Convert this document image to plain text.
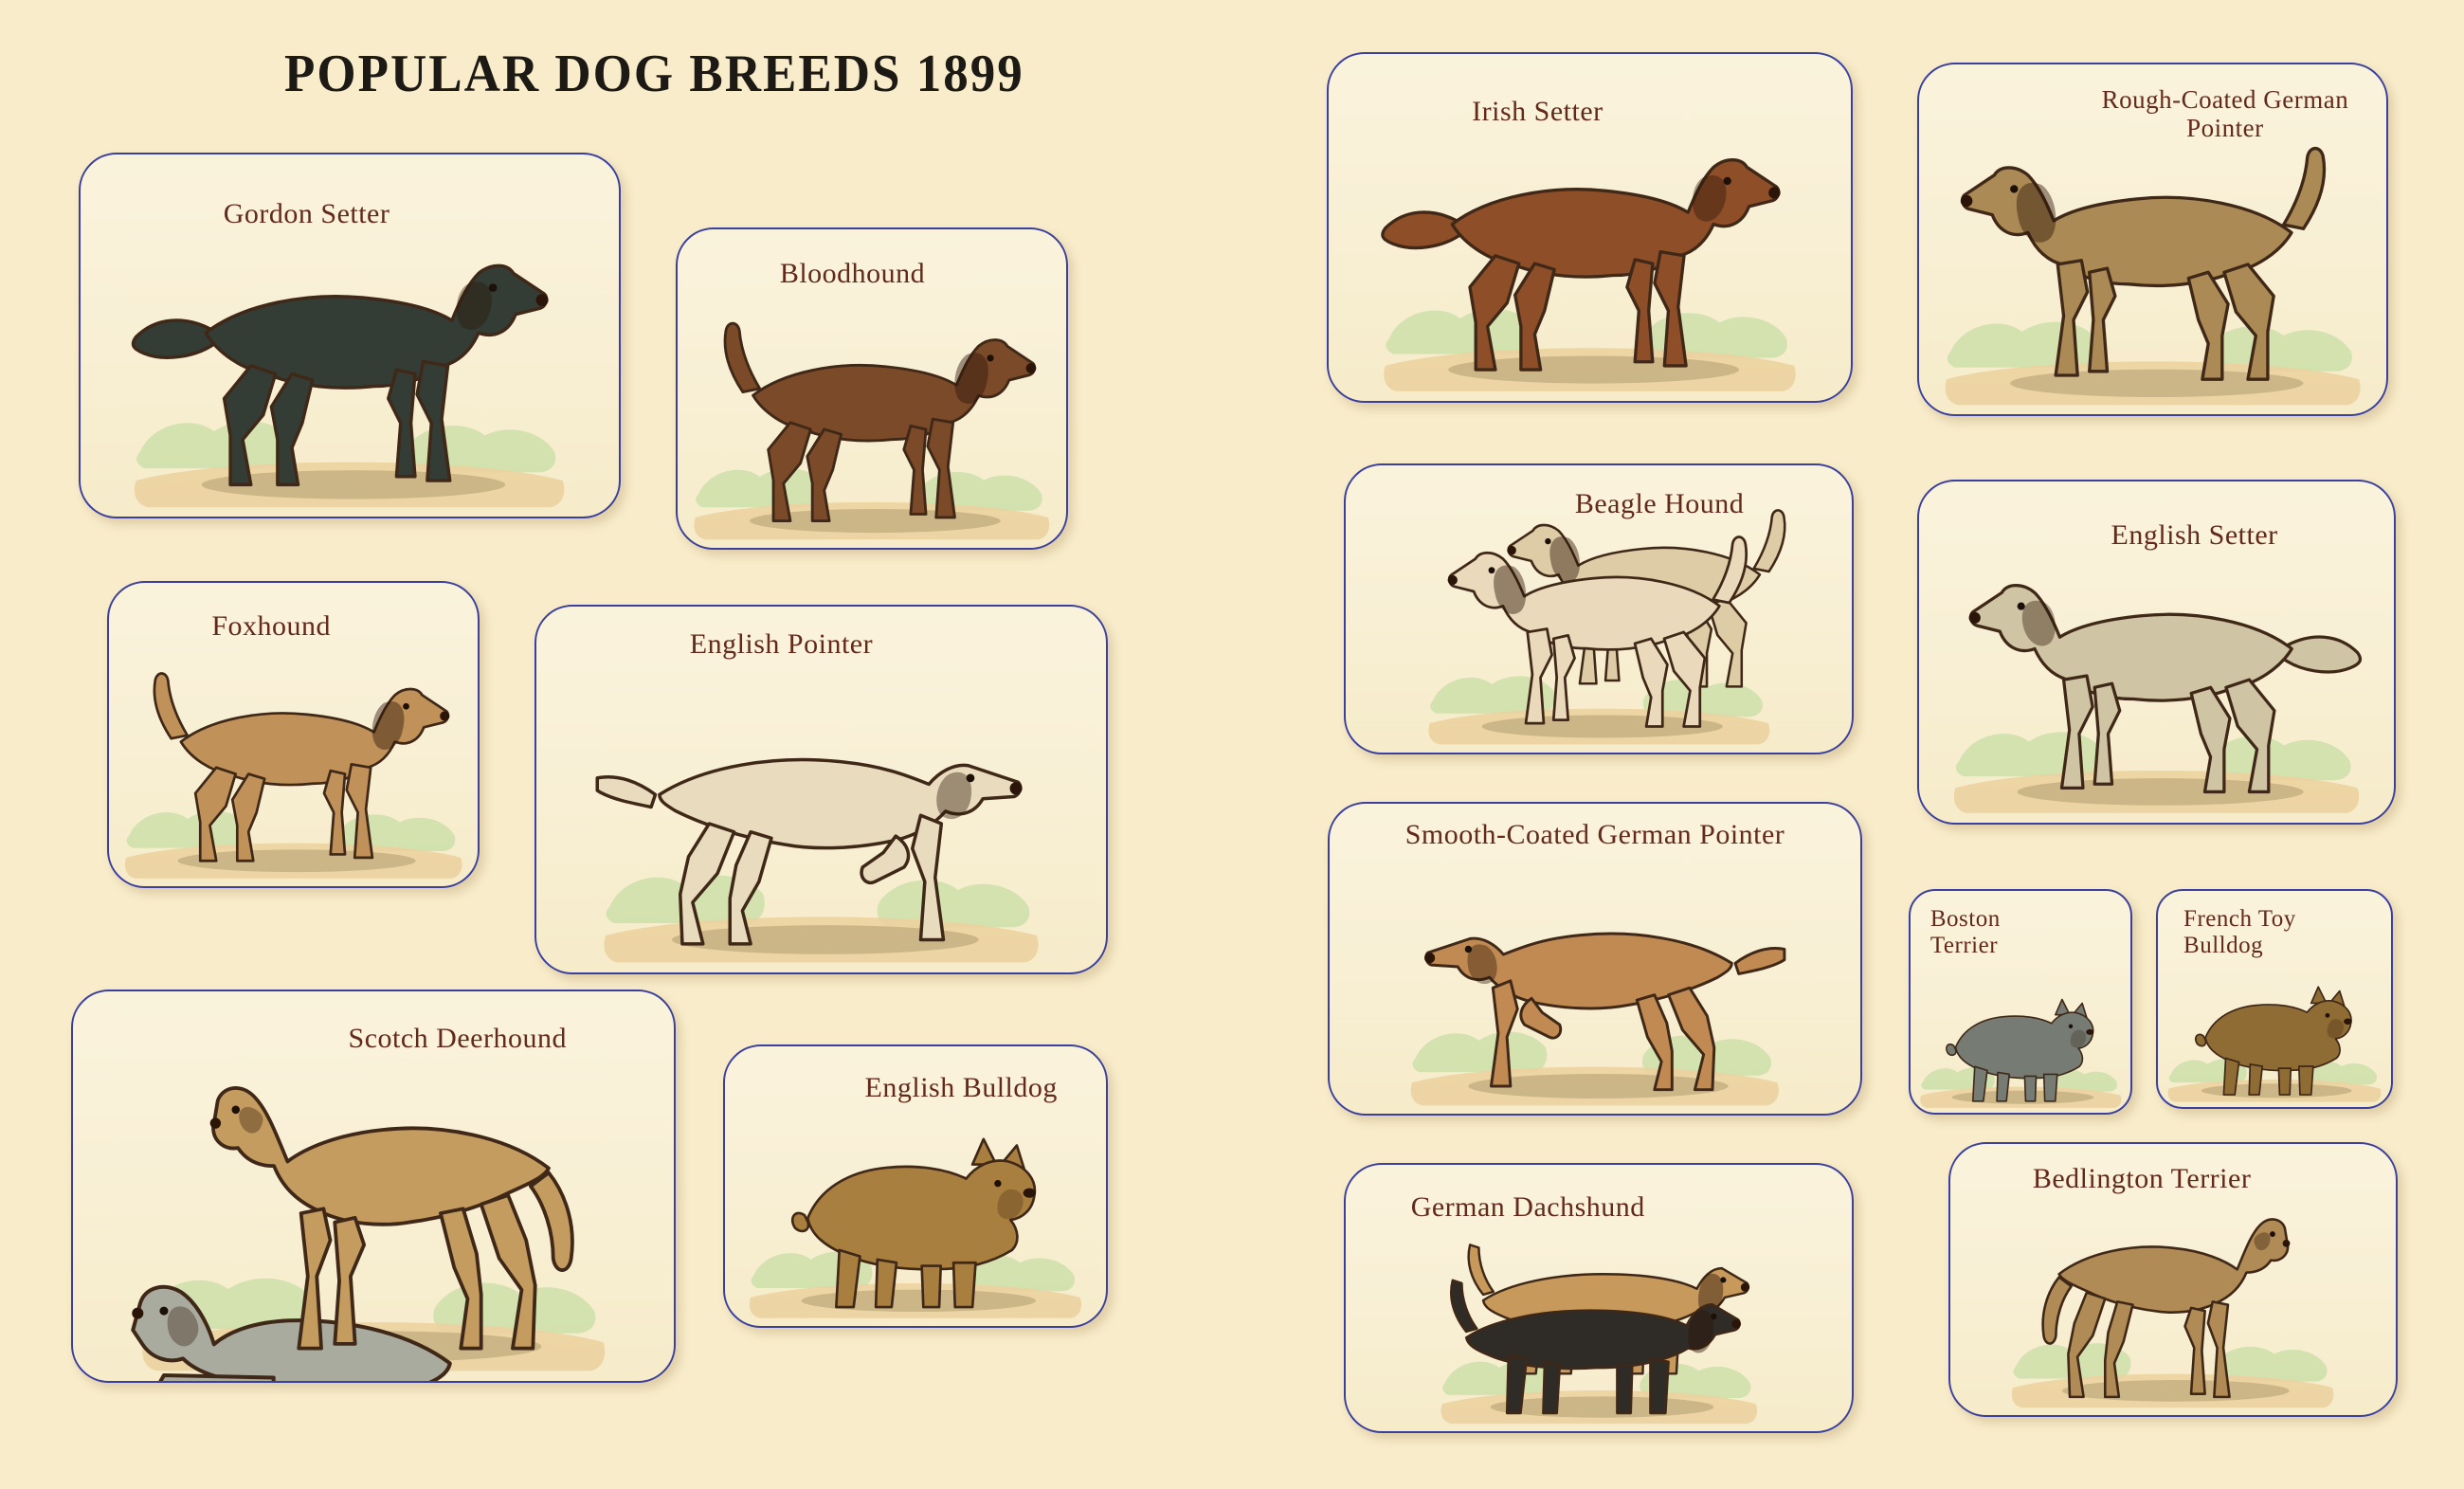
POPULAR DOG BREEDS 1899
Gordon Setter
Bloodhound
Foxhound
English Pointer
Scotch Deerhound
English Bulldog
Irish Setter	Rough-Coated German Pointer
Beagle Hound
English Setter
Smooth-Coated German Pointer
Boston Terrier
French Toy Bulldog
German Dachshund
Bedlington Terrier
